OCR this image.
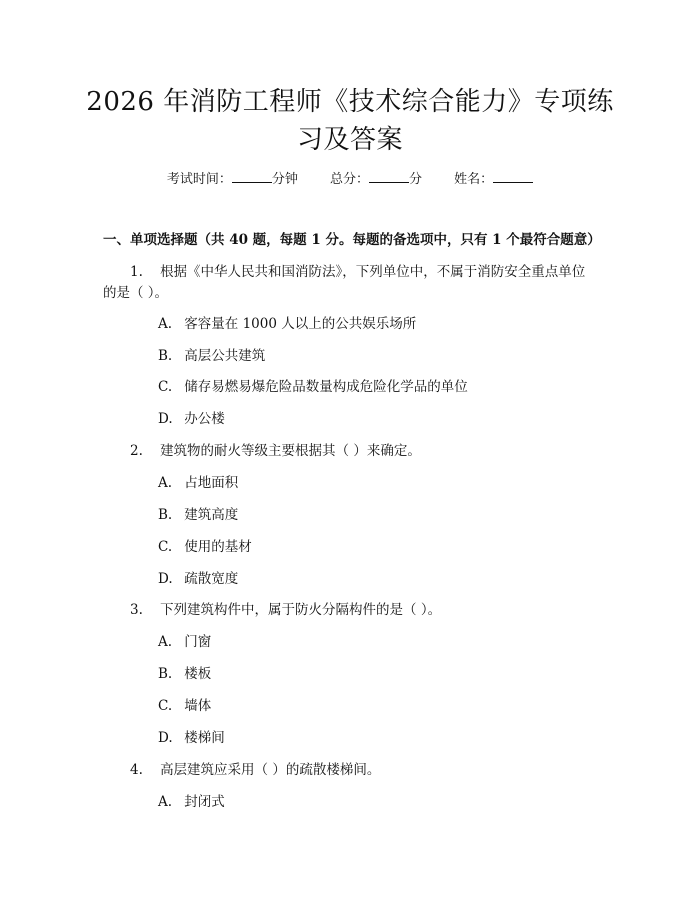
2026 年消防工程师《技术综合能力》专项练
习及答案
考试时间：	分钟 总分：	分 姓名：
一、单项选择题（共 40 题，每题 1 分。每题的备选项中，只有 1 个最符合题意）
1. 根据《中华人民共和国消防法》，下列单位中，不属于消防安全重点单位
的是（ ）。
A. 客容量在 1000 人以上的公共娱乐场所
B. 高层公共建筑
C. 储存易燃易爆危险品数量构成危险化学品的单位
D. 办公楼
2. 建筑物的耐火等级主要根据其（ ）来确定。
A. 占地面积
B. 建筑高度
C. 使用的基材
D. 疏散宽度
3. 下列建筑构件中，属于防火分隔构件的是（ ）。
A. 门窗
B. 楼板
C. 墙体
D. 楼梯间
4. 高层建筑应采用（ ）的疏散楼梯间。
A. 封闭式
